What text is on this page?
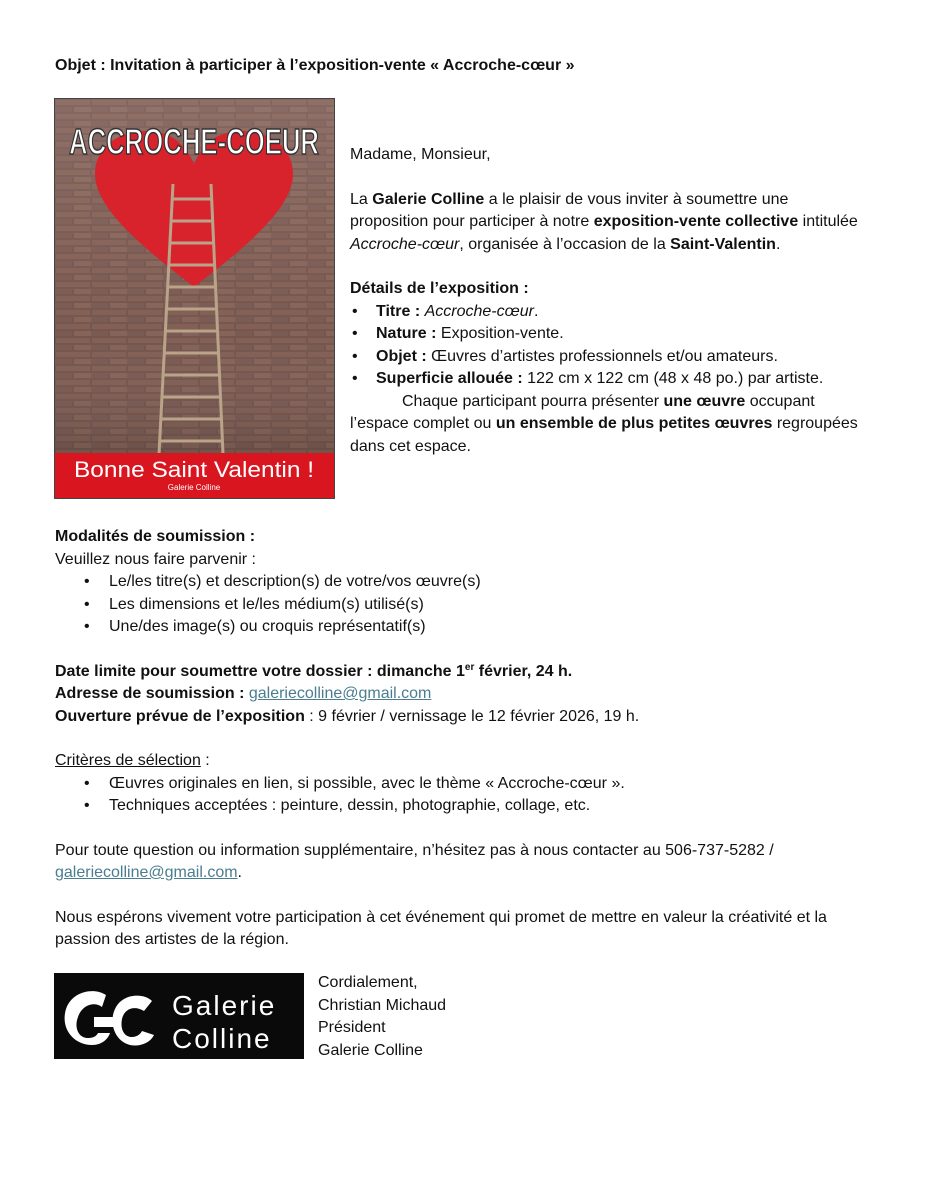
Objet : Invitation à participer à l’exposition-vente « Accroche-cœur »
ACCROCHE-COEUR
Bonne Saint Valentin !
Galerie Colline

Madame, Monsieur,

La Galerie Colline a le plaisir de vous inviter à soumettre une proposition pour participer à notre exposition-vente collective intitulée Accroche-cœur, organisée à l’occasion de la Saint-Valentin.

Détails de l’exposition :
• Titre : Accroche-cœur.
• Nature : Exposition-vente.
• Objet : Œuvres d’artistes professionnels et/ou amateurs.
• Superficie allouée : 122 cm x 122 cm (48 x 48 po.) par artiste.

Chaque participant pourra présenter une œuvre occupant l’espace complet ou un ensemble de plus petites œuvres regroupées dans cet espace.

Modalités de soumission :

Veuillez nous faire parvenir :

• Le/les titre(s) et description(s) de votre/vos œuvre(s)
• Les dimensions et le/les médium(s) utilisé(s)
• Une/des image(s) ou croquis représentatif(s)

Date limite pour soumettre votre dossier : dimanche 1er février, 24 h.

Adresse de soumission : galeriecolline@gmail.com

Ouverture prévue de l’exposition : 9 février / vernissage le 12 février 2026, 19 h.

Critères de sélection :

• Œuvres originales en lien, si possible, avec le thème « Accroche-cœur ».
• Techniques acceptées : peinture, dessin, photographie, collage, etc.

Pour toute question ou information supplémentaire, n’hésitez pas à nous contacter au 506-737-5282 / galeriecolline@gmail.com.

Nous espérons vivement votre participation à cet événement qui promet de mettre en valeur la créativité et la passion des artistes de la région.

Galerie
Colline
Cordialement,
Christian Michaud
Président
Galerie Colline
